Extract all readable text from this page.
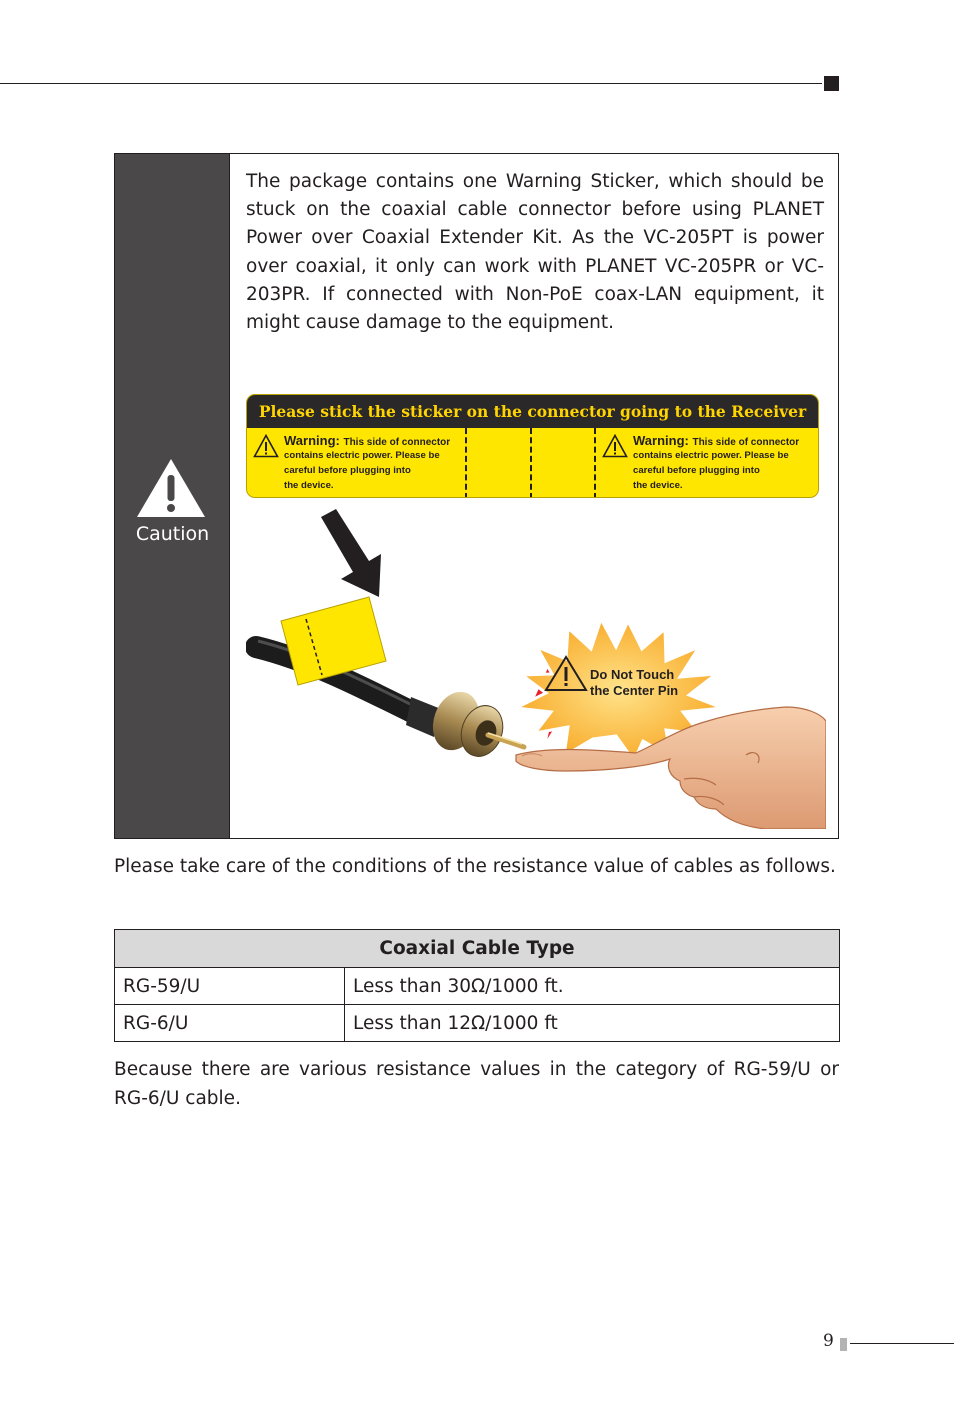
Caution

The package contains one Warning Sticker, which should be stuck on the coaxial cable connector before using PLANET Power over Coaxial Extender Kit. As the VC-205PT is power over coaxial, it only can work with PLANET VC-205PR or VC-203PR. If connected with Non-PoE coax-LAN equipment, it might cause damage to the equipment.

Please stick the sticker on the connector going to the Receiver
Warning: This side of connector
contains electric power. Please be
careful before plugging into
the device.
Warning: This side of connector
contains electric power. Please be
careful before plugging into
the device.
Do Not Touch
the Center Pin

Please take care of the conditions of the resistance value of cables as follows.

Coaxial Cable Type	
RG-59/U	Less than 30Ω/1000 ft.
RG-6/U	Less than 12Ω/1000 ft

Because there are various resistance values in the category of RG-59/U or RG-6/U cable.

9
